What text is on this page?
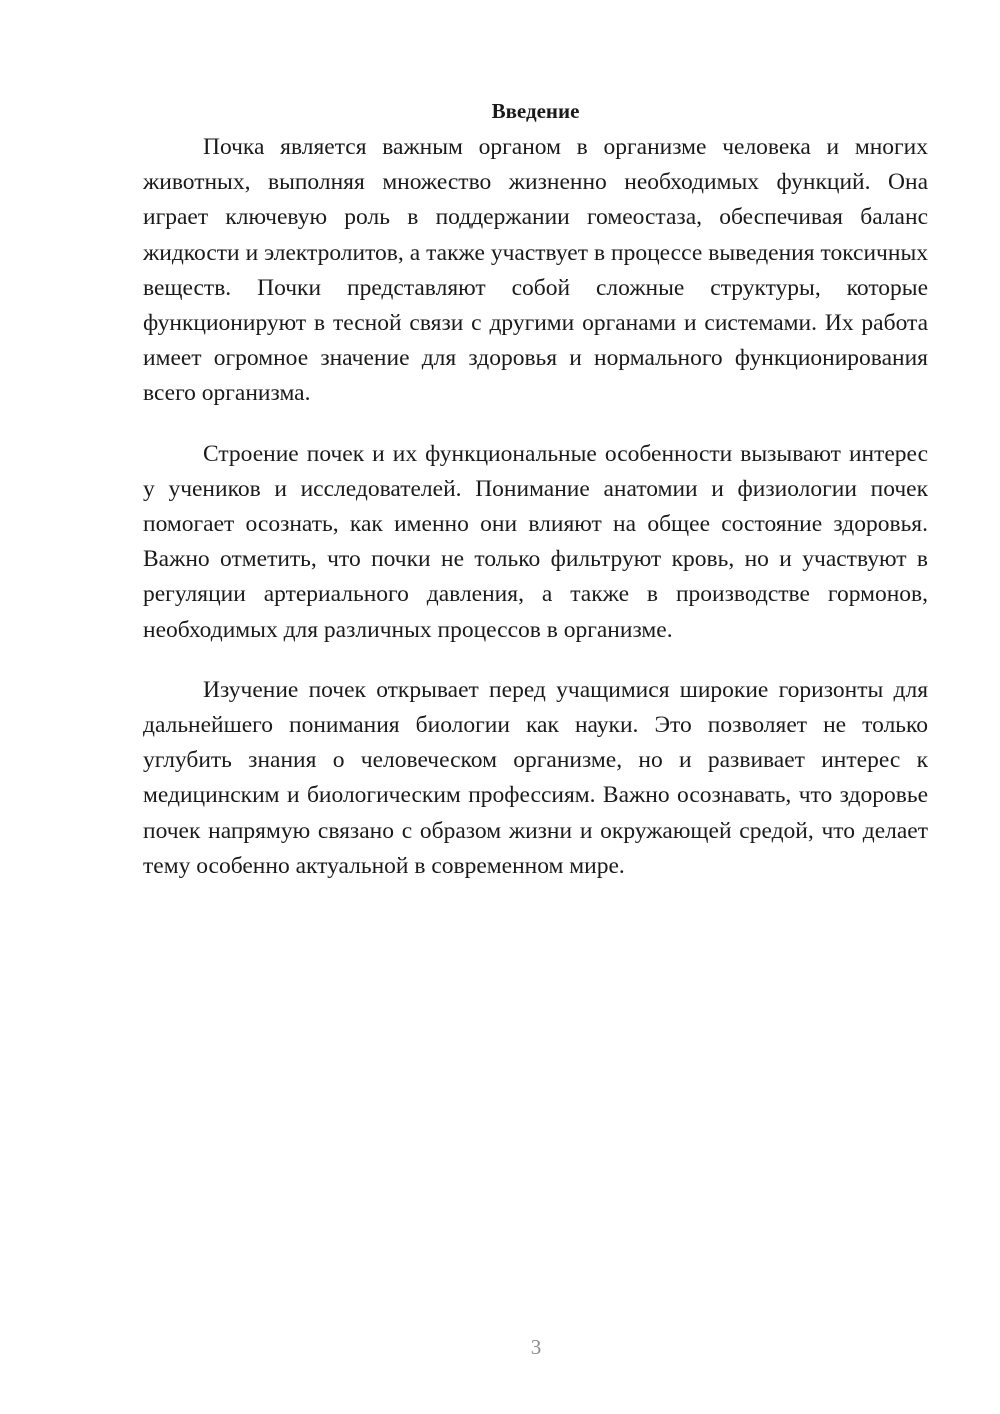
Введение

Почка является важным органом в организме человека и многих животных, выполняя множество жизненно необходимых функций. Она играет ключевую роль в поддержании гомеостаза, обеспечивая баланс жидкости и электролитов, а также участвует в процессе выведения токсичных веществ. Почки представляют собой сложные структуры, которые функционируют в тесной связи с другими органами и системами. Их работа имеет огромное значение для здоровья и нормального функционирования всего организма.

Строение почек и их функциональные особенности вызывают интерес у учеников и исследователей. Понимание анатомии и физиологии почек помогает осознать, как именно они влияют на общее состояние здоровья. Важно отметить, что почки не только фильтруют кровь, но и участвуют в регуляции артериального давления, а также в производстве гормонов, необходимых для различных процессов в организме.

Изучение почек открывает перед учащимися широкие горизонты для дальнейшего понимания биологии как науки. Это позволяет не только углубить знания о человеческом организме, но и развивает интерес к медицинским и биологическим профессиям. Важно осознавать, что здоровье почек напрямую связано с образом жизни и окружающей средой, что делает тему особенно актуальной в современном мире.

3
